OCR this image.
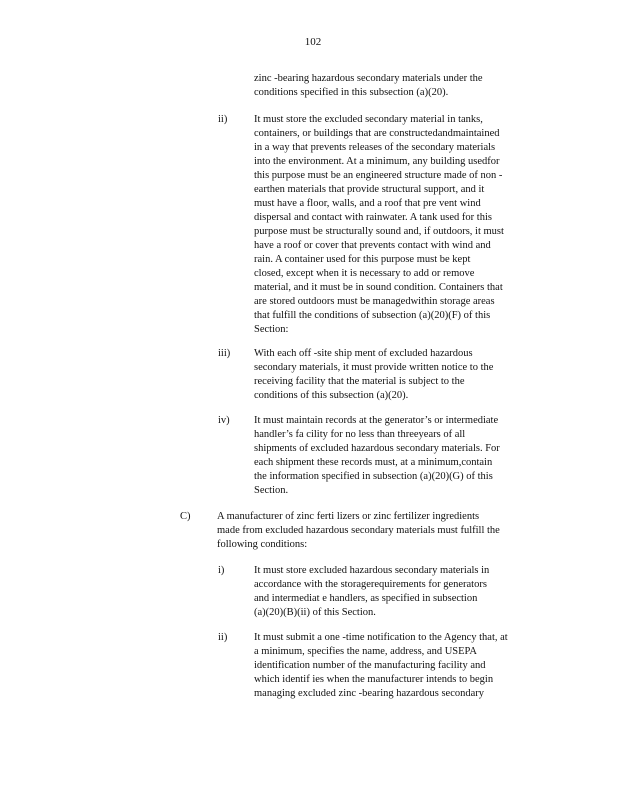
102
zinc -bearing hazardous secondary materials under the
conditions specified in this subsection (a)(20).
ii)	It must store the excluded secondary material in tanks,
containers, or buildings that are constructedandmaintained
in a way that prevents releases of the secondary materials
into the environment. At a minimum, any building usedfor
this purpose must be an engineered structure made of non -
earthen materials that provide structural support, and it
must have a floor, walls, and a roof that pre vent wind
dispersal and contact with rainwater. A tank used for this
purpose must be structurally sound and, if outdoors, it must
have a roof or cover that prevents contact with wind and
rain. A container used for this purpose must be kept
closed, except when it is necessary to add or remove
material, and it must be in sound condition. Containers that
are stored outdoors must be managedwithin storage areas
that fulfill the conditions of subsection (a)(20)(F) of this
Section:
iii) With each off -site ship ment of excluded hazardous
secondary materials, it must provide written notice to the
receiving facility that the material is subject to the
conditions of this subsection (a)(20).
iv) It must maintain records at the generator’s or intermediate
handler’s fa cility for no less than threeyears of all
shipments of excluded hazardous secondary materials. For
each shipment these records must, at a minimum,contain
the information specified in subsection (a)(20)(G) of this
Section.
C)	A manufacturer of zinc ferti lizers or zinc fertilizer ingredients
made from excluded hazardous secondary materials must fulfill the
following conditions:
i)	It must store excluded hazardous secondary materials in
accordance with the storagerequirements for generators
and intermediat e handlers, as specified in subsection
(a)(20)(B)(ii) of this Section.
ii)	It must submit a one -time notification to the Agency that, at
a minimum, specifies the name, address, and USEPA
identification number of the manufacturing facility and
which identif ies when the manufacturer intends to begin
managing excluded zinc -bearing hazardous secondary
